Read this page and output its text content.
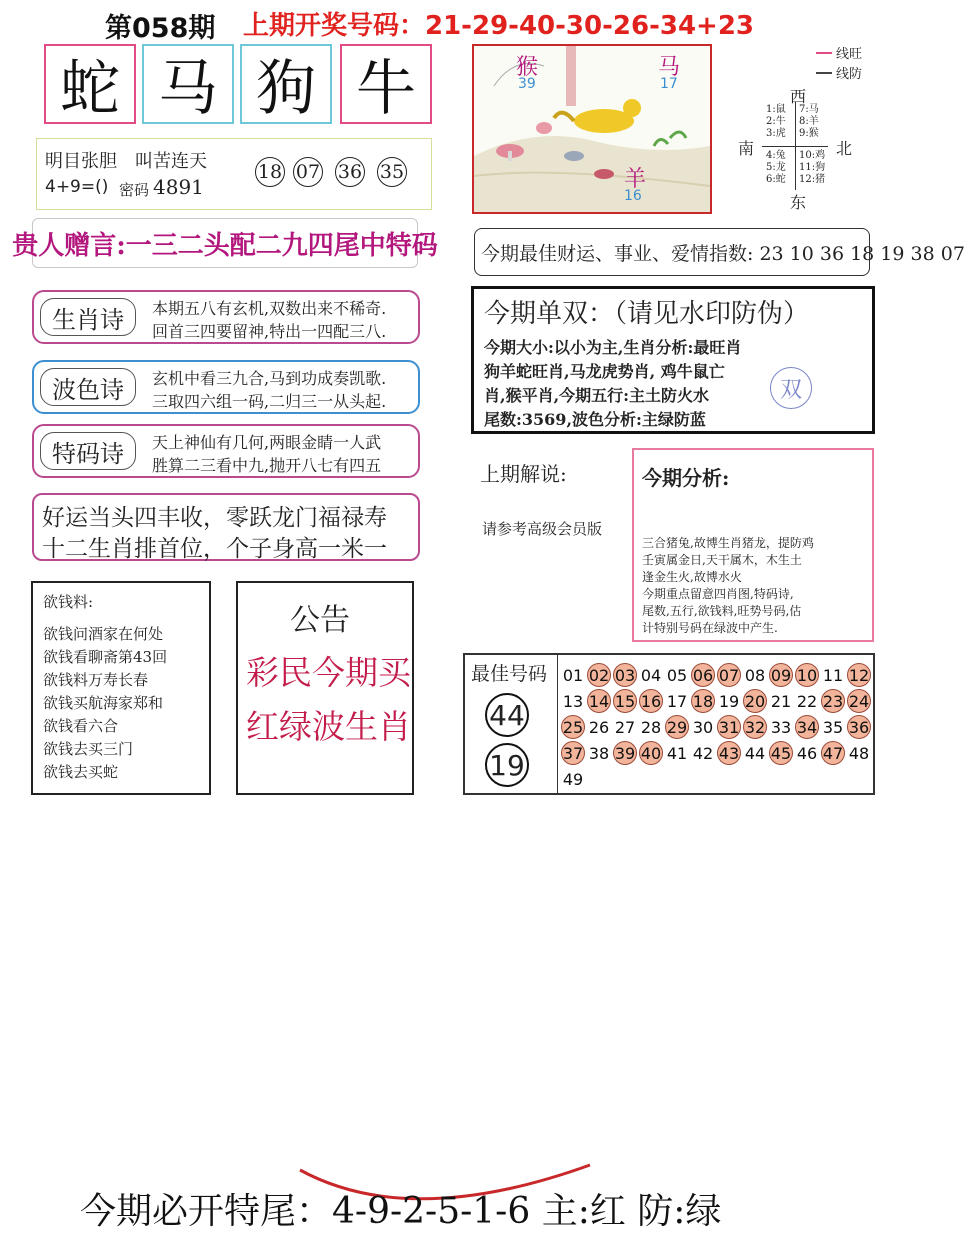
第058期 上期开奖号码：21-29-40-30-26-34+23
蛇 马 狗 牛
明目张胆　叫苦连天
4+9=() 密码 4891
18 07 36 35
贵人赠言:一三二头配二九四尾中特码
生肖诗	本期五八有玄机,双数出来不稀奇.
回首三四要留神,特出一四配三八.
波色诗	玄机中看三九合,马到功成奏凯歌.
三取四六组一码,二归三一从头起.
特码诗	天上神仙有几何,两眼金睛一人武
胜算二三看中九,抛开八七有四五
好运当头四丰收，零跃龙门福禄寿
十二生肖排首位，个子身高一米一
欲钱料:
欲钱问酒家在何处
欲钱看聊斋第43回
欲钱料万寿长春
欲钱买航海家郑和
欲钱看六合
欲钱去买三门
欲钱去买蛇
公告
彩民今期买
红绿波生肖
猴
39
马
17
羊
16
线旺
线防
西
南	北
东
1:鼠
2:牛
3:虎
7:马
8:羊
9:猴
4:兔
5:龙
6:蛇
10:鸡
11:狗
12:猪
今期最佳财运、事业、爱情指数: 23 10 36 18 19 38 07
今期单双：（请见水印防伪）
今期大小:以小为主,生肖分析:最旺肖
狗羊蛇旺肖,马龙虎势肖, 鸡牛鼠亡
肖,猴平肖,今期五行:主土防火水
尾数:3569,波色分析:主绿防蓝
双
上期解说:
请参考高级会员版
今期分析:
三合猪兔,故博生肖猪龙，提防鸡
壬寅属金日,天干属木，木生土
逢金生火,故博水火
今期重点留意四肖图,特码诗,
尾数,五行,欲钱料,旺势号码,估
计特别号码在绿波中产生.
最佳号码
44
19
01 02 03 04 05 06 07 08 09 10 11 12
13 14 15 16 17 18 19 20 21 22 23 24
25 26 27 28 29 30 31 32 33 34 35 36
37 38 39 40 41 42 43 44 45 46 47 48
49
今期必开特尾：4-9-2-5-1-6 主:红 防:绿
